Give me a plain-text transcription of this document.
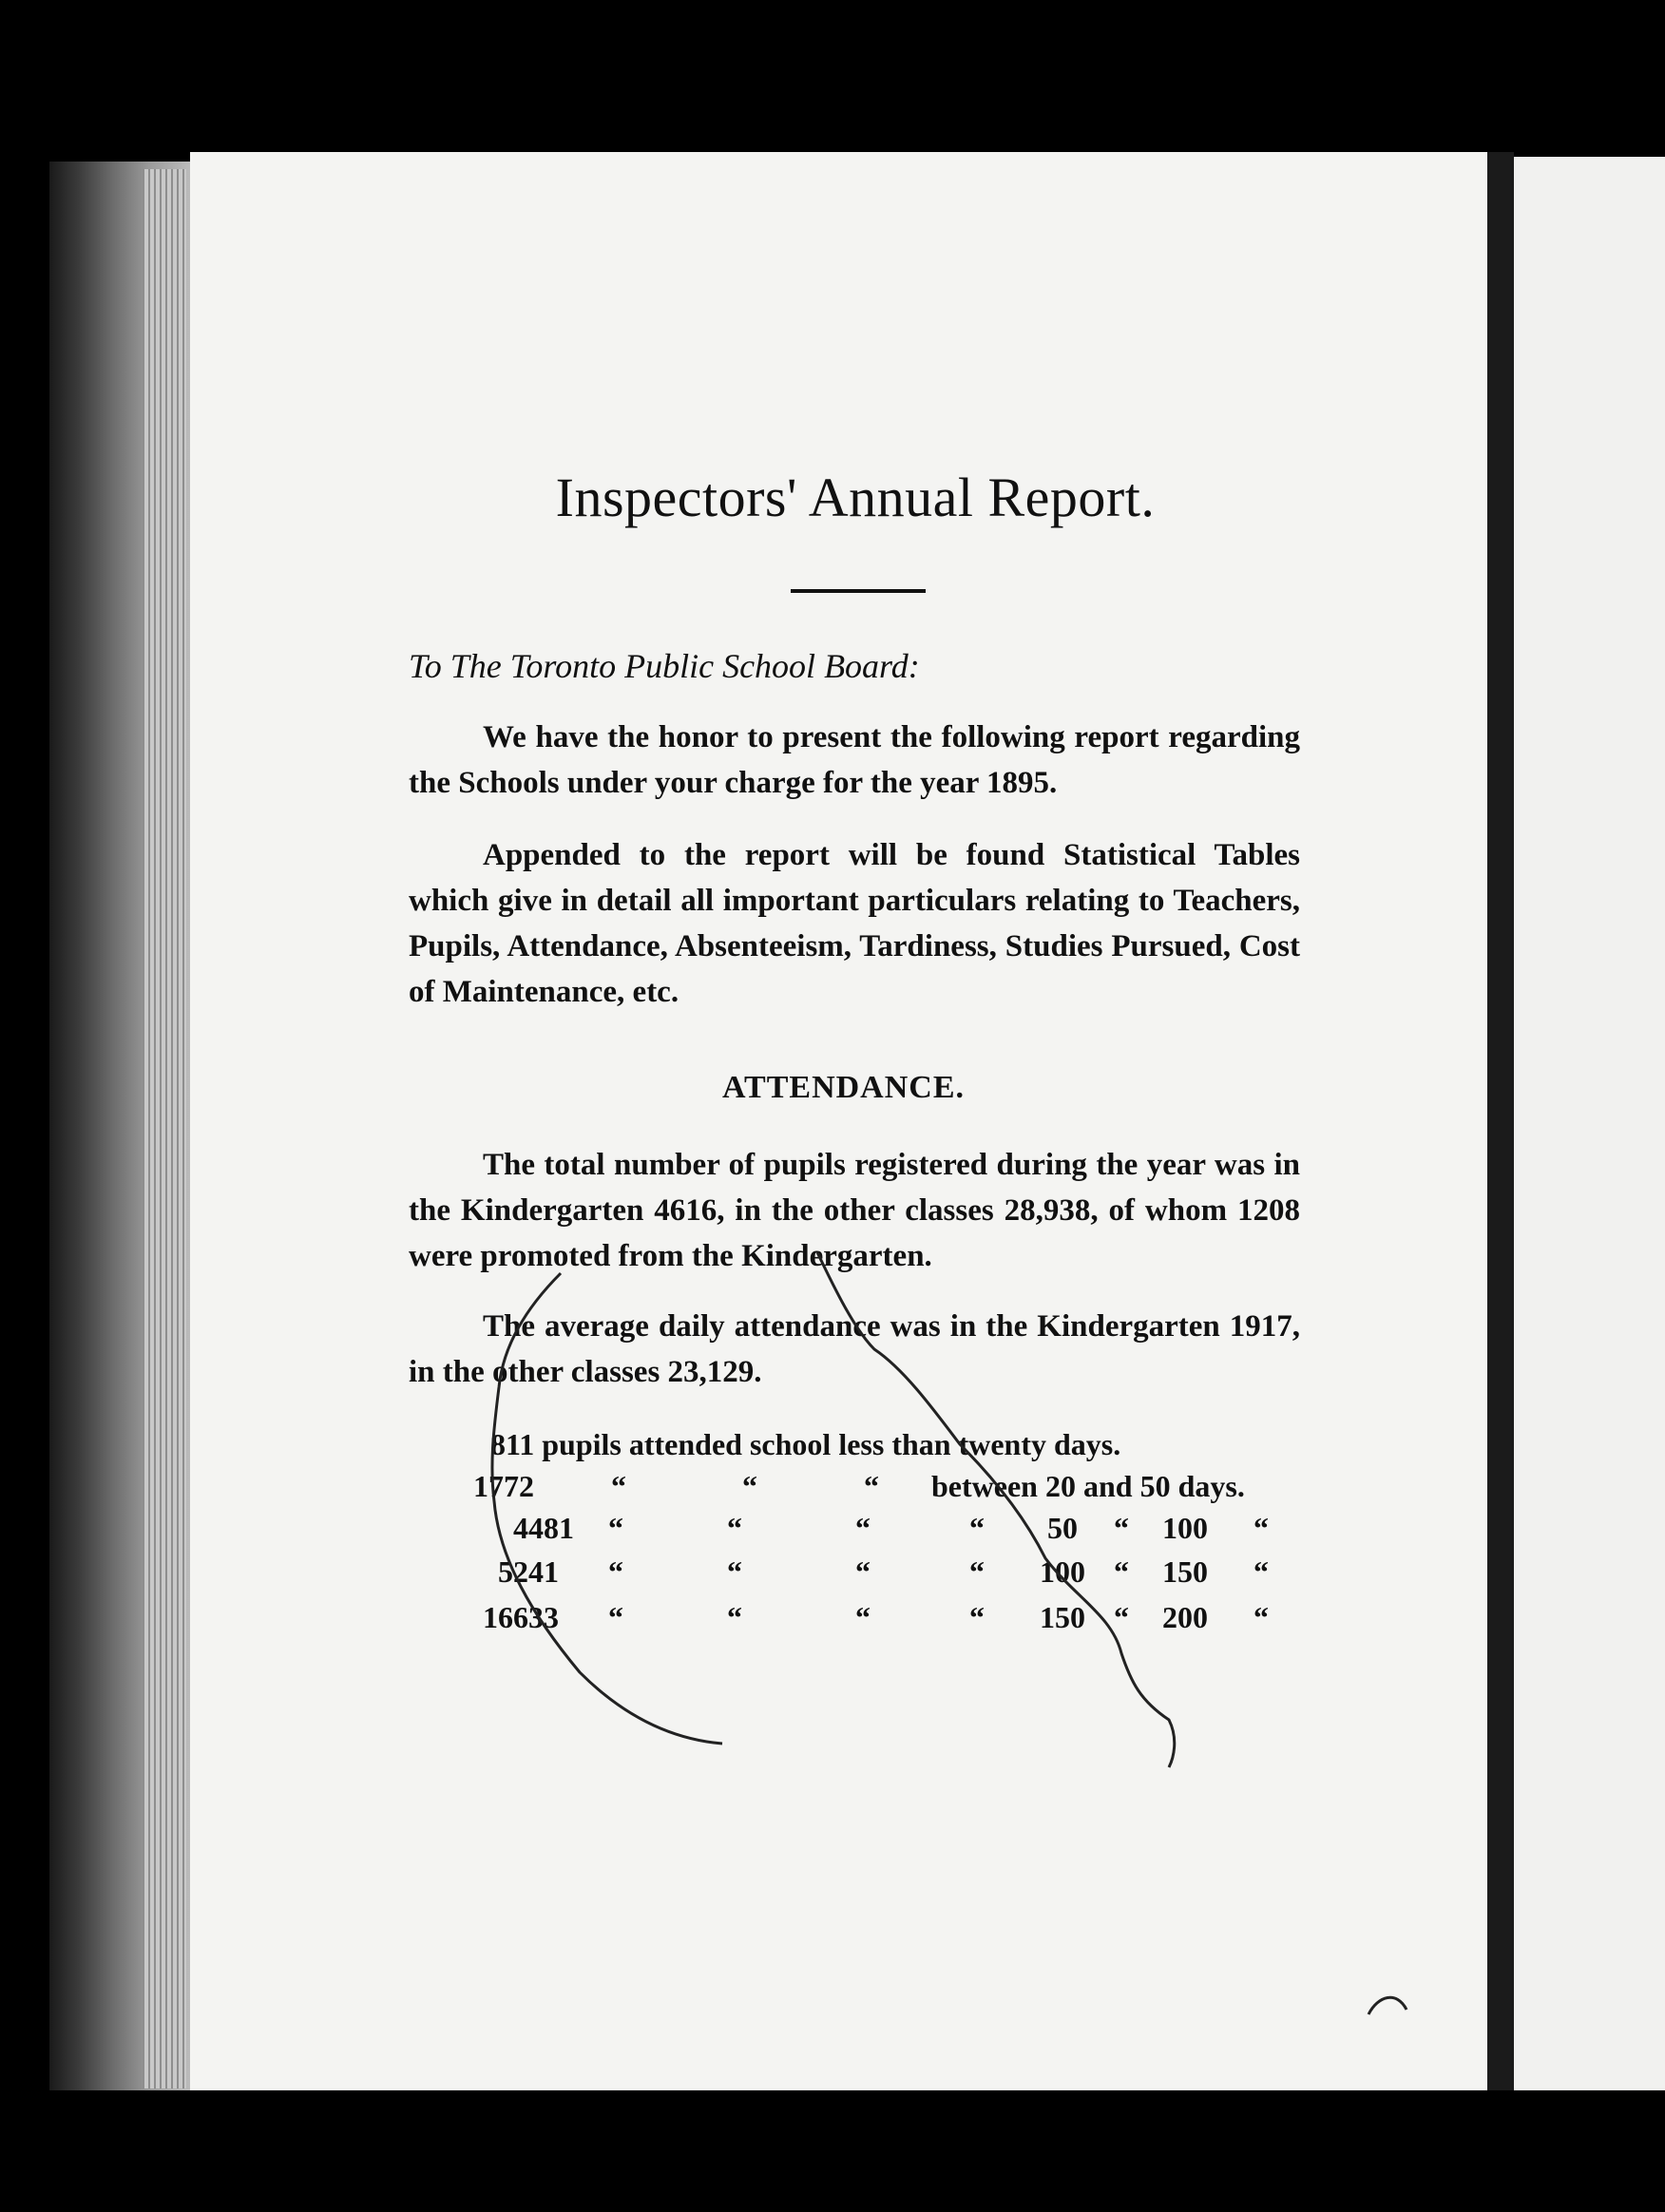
Inspectors' Annual Report.
To The Toronto Public School Board:

We have the honor to present the following report regarding the Schools under your charge for the year 1895.

Appended to the report will be found Statistical Tables which give in detail all important particulars relating to Teachers, Pupils, Attendance, Absenteeism, Tardiness, Studies Pursued, Cost of Maintenance, etc.

ATTENDANCE.

The total number of pupils registered during the year was in the Kindergarten 4616, in the other classes 28,938, of whom 1208 were promoted from the Kindergarten.

The average daily attendance was in the Kindergarten 1917, in the other classes 23,129.

811 pupils attended school less than twenty days.
1772	“	“	“ between 20 and 50 days.
4481 “	“	“	“ 50 “ 100 “
5241 “	“	“	“ 100 “ 150 “
16633 “	“	“	“ 150 “ 200 “
